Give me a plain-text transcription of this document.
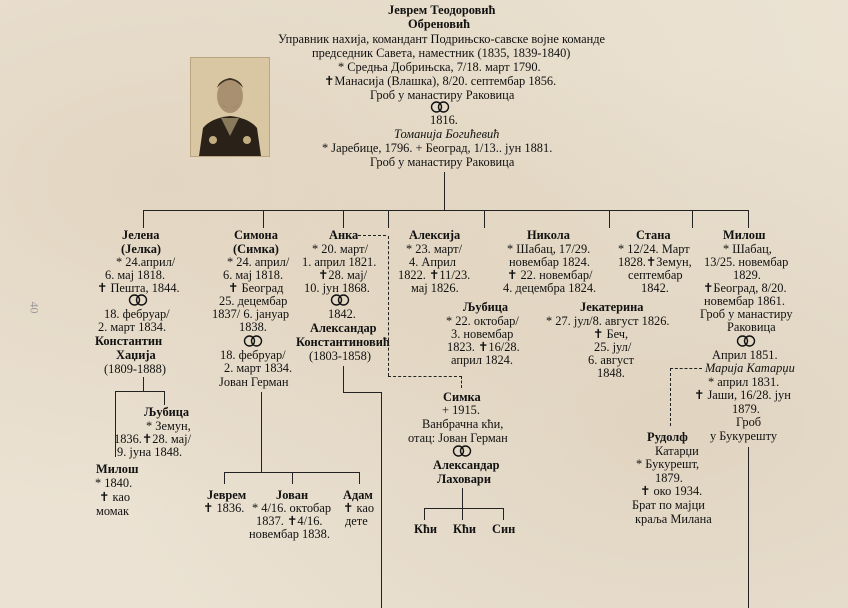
40
Јеврем Теодоровић
Обреновић
Управник нахија, командант Подрињско-савске војне команде
председник Савета, наместник (1835, 1839-1840)
* Средња Добрињска, 7/18. март 1790.
✝Манасија (Влашка), 8/20. септембар 1856.
Гроб у манастиру Раковица
1816.
Томанија Богићевић
* Јаребице, 1796. + Београд, 1/13.. јун 1881.
Гроб у манастиру Раковица
Јелена
(Јелка)
* 24.април/
6. мај 1818.
✝ Пешта, 1844.
18. фебруар/
2. март 1834.
Константин
Хаџија
(1809-1888)
Љубица
* Земун,
1836.✝28. мај/
9. јуна 1848.
Милош
* 1840.
✝ као
момак
Симона
(Симка)
* 24. април/
6. мај 1818.
✝ Београд
25. децембар
1837/ 6. јануар
1838.
18. фебруар/
2. март 1834.
Јован Герман
Јеврем
✝ 1836.
Јован
* 4/16. октобар
1837. ✝4/16.
новембар 1838.
Адам
✝ као
дете
Анка
* 20. март/
1. април 1821.
✝28. мај/
10. јун 1868.
1842.
Александар
Константиновић
(1803-1858)
Алексија
* 23. март/
4. Април
1822. ✝11/23.
мај 1826.
Никола
* Шабац, 17/29.
новембар 1824.
✝ 22. новембар/
4. децембра 1824.
Љубица
* 22. октобар/
3. новембар
1823. ✝16/28.
април 1824.
Јекатерина
* 27. јул/8. август 1826.
✝ Беч,
25. јул/
6. август
1848.
Стана
* 12/24. Март
1828.✝Земун,
септембар
1842.
Милош
* Шабац,
13/25. новембар
1829.
✝Београд, 8/20.
новембар 1861.
Гроб у манастиру
Раковица
Април 1851.
Марија Катарџи
* април 1831.
✝ Јаши, 16/28. јун
1879.
Гроб
у Букурешту
Рудолф
Катарџи
* Букурешт,
1879.
✝ око 1934.
Брат по мајци
краља Милана
Симка
+ 1915.
Ванбрачна кћи,
отац: Јован Герман
Александар
Лаховари
Кћи Кћи Син
